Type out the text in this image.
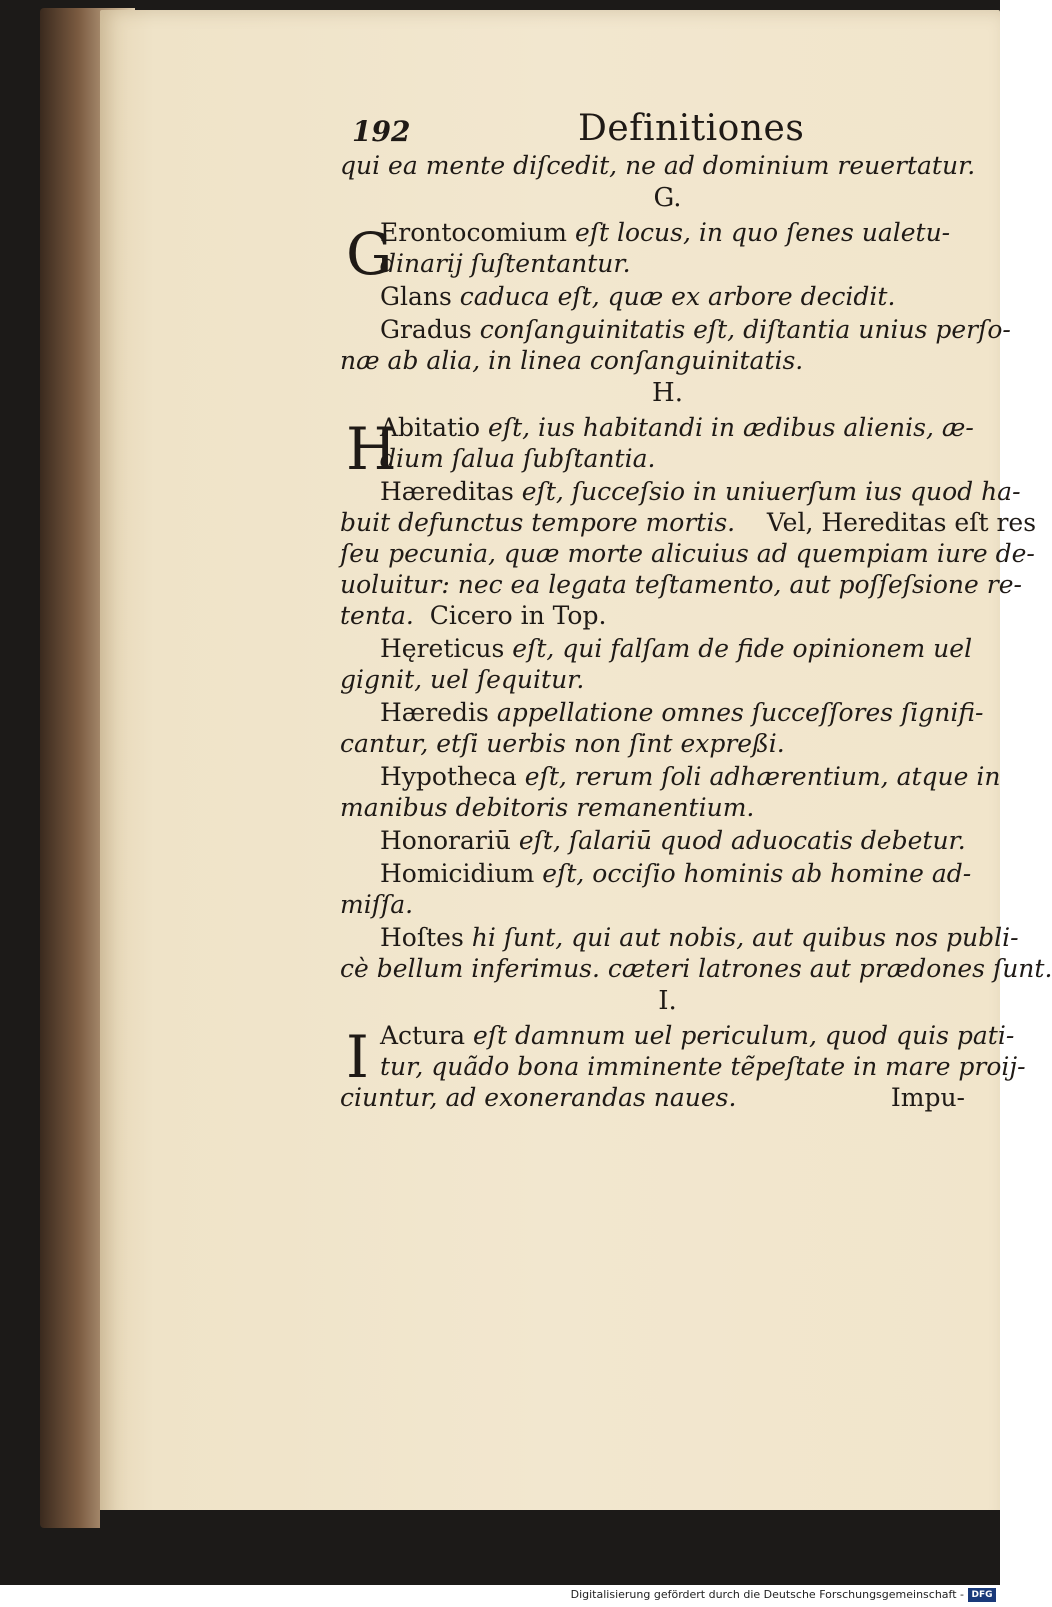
192	Definitiones
qui ea mente diſcedit, ne ad dominium reuertatur.
G.
G
Erontocomium eſt locus, in quo ſenes ualetu-
dinarij ſuſtentantur.
Glans caduca eſt, quæ ex arbore decidit.
Gradus conſanguinitatis eſt, diſtantia unius perſo-
næ ab alia, in linea conſanguinitatis.
H.
H
Abitatio eſt, ius habitandi in ædibus alienis, æ-
dium ſalua ſubſtantia.
Hæreditas eſt, ſucceſsio in uniuerſum ius quod ha-
buit defunctus tempore mortis. Vel, Hereditas eſt res
ſeu pecunia, quæ morte alicuius ad quempiam iure de-
uoluitur: nec ea legata teſtamento, aut poſſeſsione re-
tenta. Cicero in Top.
Hęreticus eſt, qui falſam de fide opinionem uel
gignit, uel ſequitur.
Hæredis appellatione omnes ſucceſſores ſignifi-
cantur, etſi uerbis non ſint expreßi.
Hypotheca eſt, rerum ſoli adhærentium, atque in
manibus debitoris remanentium.
Honorariū eſt, ſalariū quod aduocatis debetur.
Homicidium eſt, occiſio hominis ab homine ad-
miſſa.
Hoſtes hi ſunt, qui aut nobis, aut quibus nos publi-
cè bellum inferimus. cæteri latrones aut prædones ſunt.
I.
I Actura eſt damnum uel periculum, quod quis pati-
tur, quãdo bona imminente tẽpeſtate in mare proij-
ciuntur, ad exonerandas naues.	Impu-
Digitalisierung gefördert durch die Deutsche Forschungsgemeinschaft - DFG
